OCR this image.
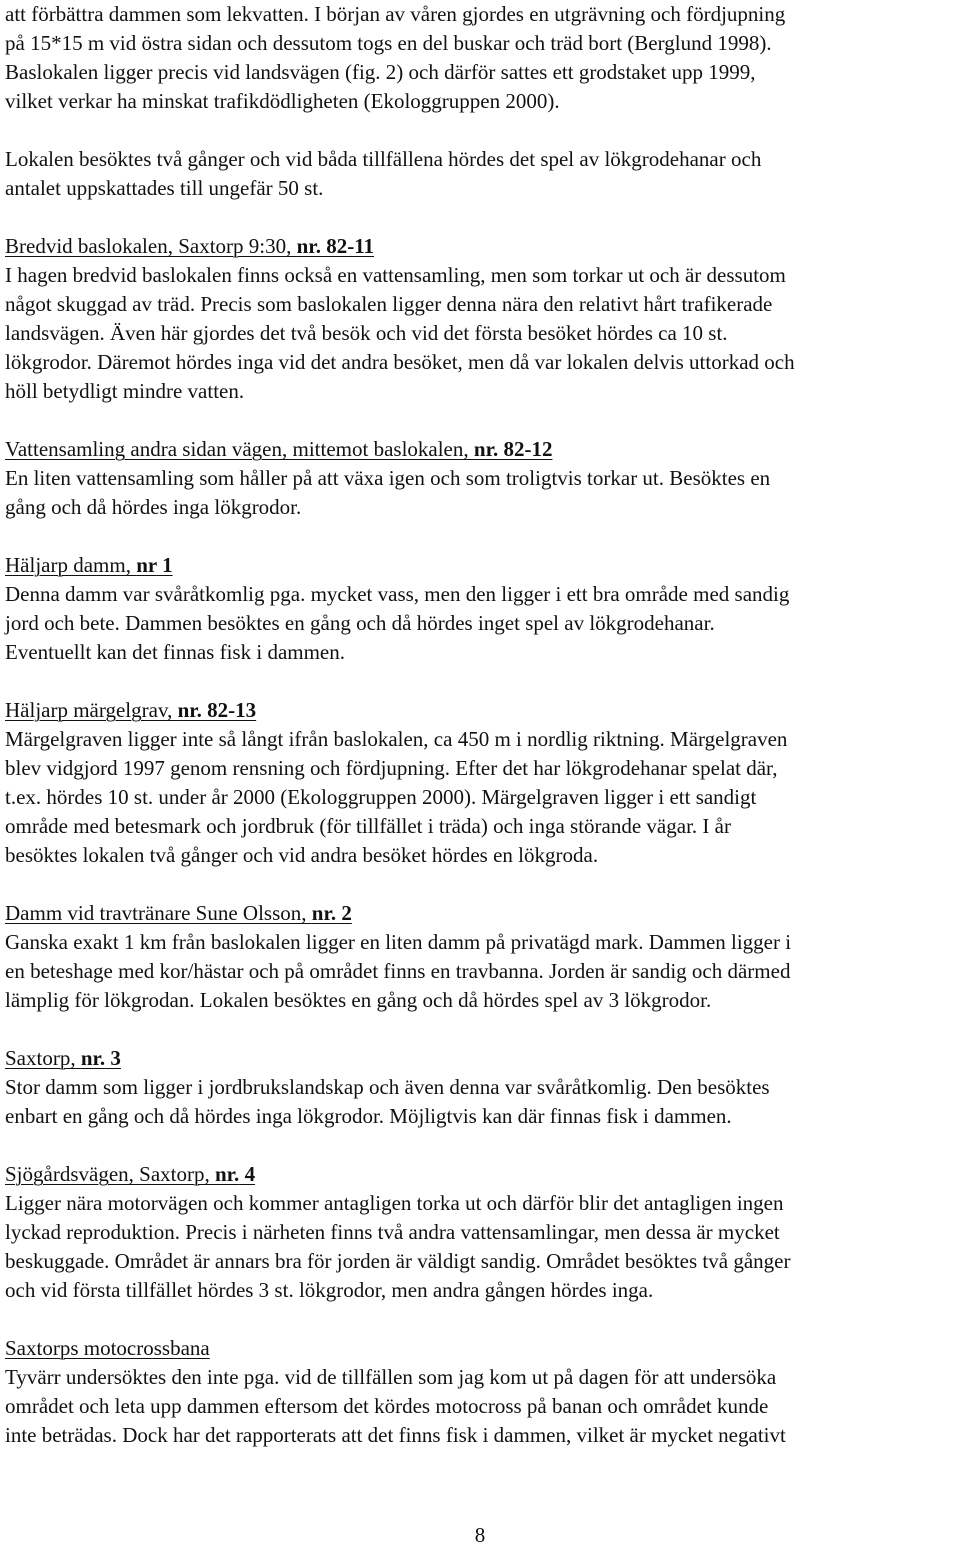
att förbättra dammen som lekvatten. I början av våren gjordes en utgrävning och fördjupning

på 15*15 m vid östra sidan och dessutom togs en del buskar och träd bort (Berglund 1998).

Baslokalen ligger precis vid landsvägen (fig. 2) och därför sattes ett grodstaket upp 1999,

vilket verkar ha minskat trafikdödligheten (Ekologgruppen 2000).

Lokalen besöktes två gånger och vid båda tillfällena hördes det spel av lökgrodehanar och

antalet uppskattades till ungefär 50 st.

Bredvid baslokalen, Saxtorp 9:30, nr. 82-11

I hagen bredvid baslokalen finns också en vattensamling, men som torkar ut och är dessutom

något skuggad av träd. Precis som baslokalen ligger denna nära den relativt hårt trafikerade

landsvägen. Även här gjordes det två besök och vid det första besöket hördes ca 10 st.

lökgrodor. Däremot hördes inga vid det andra besöket, men då var lokalen delvis uttorkad och

höll betydligt mindre vatten.

Vattensamling andra sidan vägen, mittemot baslokalen, nr. 82-12

En liten vattensamling som håller på att växa igen och som troligtvis torkar ut. Besöktes en

gång och då hördes inga lökgrodor.

Häljarp damm, nr 1

Denna damm var svåråtkomlig pga. mycket vass, men den ligger i ett bra område med sandig

jord och bete. Dammen besöktes en gång och då hördes inget spel av lökgrodehanar.

Eventuellt kan det finnas fisk i dammen.

Häljarp märgelgrav, nr. 82-13

Märgelgraven ligger inte så långt ifrån baslokalen, ca 450 m i nordlig riktning. Märgelgraven

blev vidgjord 1997 genom rensning och fördjupning. Efter det har lökgrodehanar spelat där,

t.ex. hördes 10 st. under år 2000 (Ekologgruppen 2000). Märgelgraven ligger i ett sandigt

område med betesmark och jordbruk (för tillfället i träda) och inga störande vägar. I år

besöktes lokalen två gånger och vid andra besöket hördes en lökgroda.

Damm vid travtränare Sune Olsson, nr. 2

Ganska exakt 1 km från baslokalen ligger en liten damm på privatägd mark. Dammen ligger i

en beteshage med kor/hästar och på området finns en travbanna. Jorden är sandig och därmed

lämplig för lökgrodan. Lokalen besöktes en gång och då hördes spel av 3 lökgrodor.

Saxtorp, nr. 3

Stor damm som ligger i jordbrukslandskap och även denna var svåråtkomlig. Den besöktes

enbart en gång och då hördes inga lökgrodor. Möjligtvis kan där finnas fisk i dammen.

Sjögårdsvägen, Saxtorp, nr. 4

Ligger nära motorvägen och kommer antagligen torka ut och därför blir det antagligen ingen

lyckad reproduktion. Precis i närheten finns två andra vattensamlingar, men dessa är mycket

beskuggade. Området är annars bra för jorden är väldigt sandig. Området besöktes två gånger

och vid första tillfället hördes 3 st. lökgrodor, men andra gången hördes inga.

Saxtorps motocrossbana

Tyvärr undersöktes den inte pga. vid de tillfällen som jag kom ut på dagen för att undersöka

området och leta upp dammen eftersom det kördes motocross på banan och området kunde

inte beträdas. Dock har det rapporterats att det finns fisk i dammen, vilket är mycket negativt

8
